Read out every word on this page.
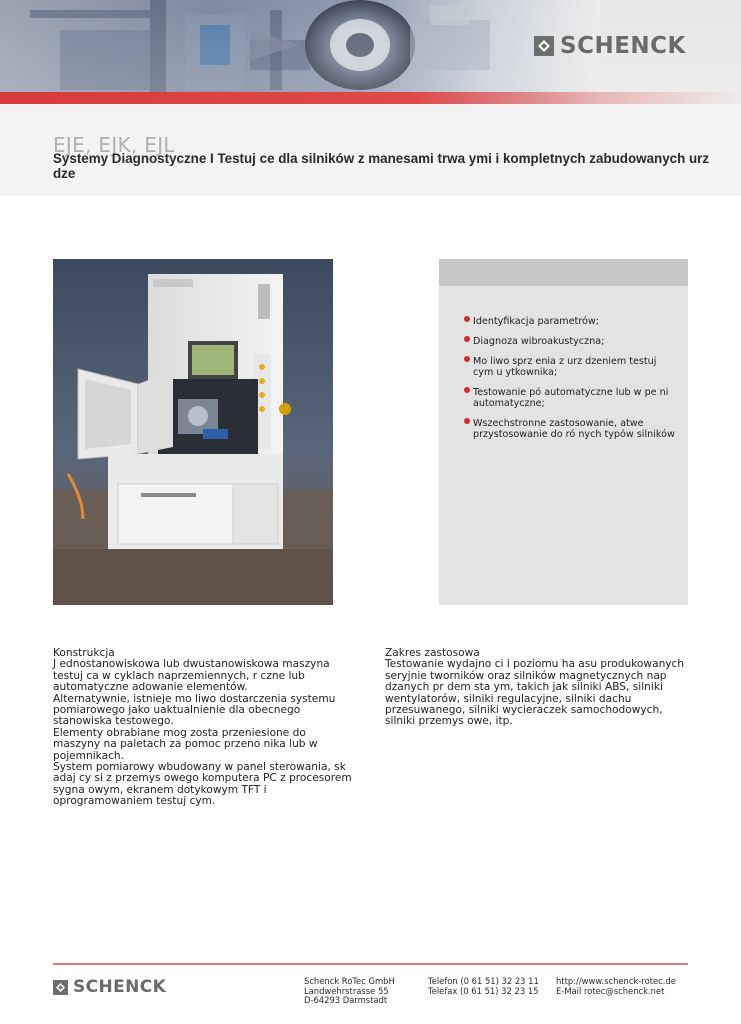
SCHENCK
EJE, EJK, EJL
Systemy Diagnostyczne I Testuj ce dla silników z manesami trwa ymi i kompletnych zabudowanych urz dze
Identyfikacja parametrów;
Diagnoza wibroakustyczna;
Mo liwo sprz enia z urz dzeniem testuj cym u ytkownika;
Testowanie pó automatyczne lub w pe ni automatyczne;
Wszechstronne zastosowanie, atwe przystosowanie do ró nych typów silników

Konstrukcja

J ednostanowiskowa lub dwustanowiskowa maszyna testuj ca w cyklach naprzemiennych, r czne lub automatyczne adowanie elementów.

Alternatywnie, istnieje mo liwo dostarczenia systemu pomiarowego jako uaktualnienie dla obecnego stanowiska testowego.

Elementy obrabiane mog zosta przeniesione do maszyny na paletach za pomoc przeno nika lub w pojemnikach.

System pomiarowy wbudowany w panel sterowania, sk adaj cy si z przemys owego komputera PC z procesorem sygna owym, ekranem dotykowym TFT i oprogramowaniem testuj cym.

Zakres zastosowa

Testowanie wydajno ci i poziomu ha asu produkowanych seryjnie tworników oraz silników magnetycznych nap dzanych pr dem sta ym, takich jak silniki ABS, silniki wentylatorów, silniki regulacyjne, silniki dachu przesuwanego, silniki wycieraczek samochodowych, silniki przemys owe, itp.

SCHENCK	Schenck RoTec GmbH
Landwehrstrasse 55
D-64293 Darmstadt
Telefon (0 61 51) 32 23 11
Telefax (0 61 51) 32 23 15
http://www.schenck-rotec.de
E-Mail rotec@schenck.net
